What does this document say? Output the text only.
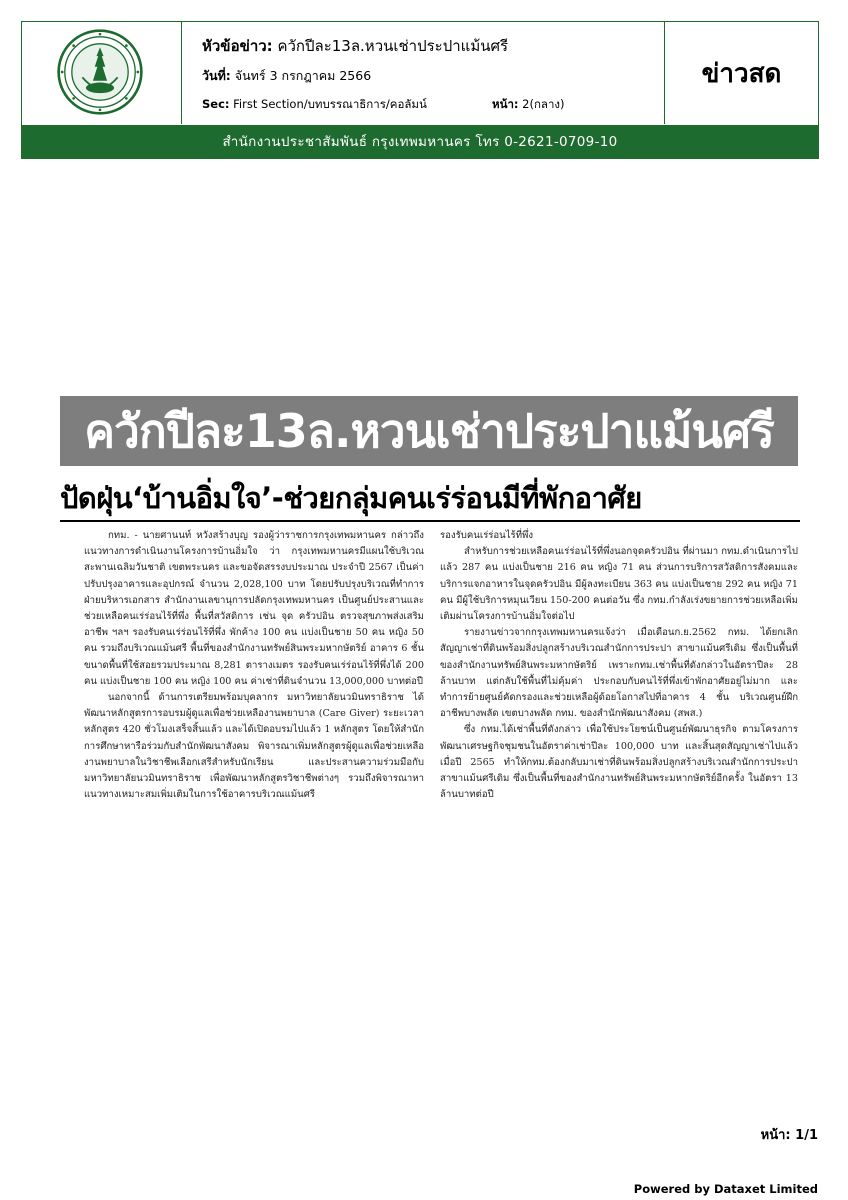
หัวข้อข่าว: ควักปีละ13ล.หวนเช่าประปาแม้นศรี
วันที่: จันทร์ 3 กรกฎาคม 2566
Sec: First Section/บทบรรณาธิการ/คอลัมน์	หน้า: 2(กลาง)
ข่าวสด
สำนักงานประชาสัมพันธ์ กรุงเทพมหานคร โทร 0-2621-0709-10
ควักปีละ13ล.หวนเช่าประปาแม้นศรี
ปัดฝุ่น‘บ้านอิ่มใจ’-ช่วยกลุ่มคนเร่ร่อนมีที่พักอาศัย

กทม. - นายศานนท์ หวังสร้างบุญ รองผู้ว่าราชการกรุงเทพมหานคร กล่าวถึงแนวทางการดำเนินงานโครงการบ้านอิ่มใจ ว่า กรุงเทพมหานครมีแผนใช้บริเวณสะพานเฉลิมวันชาติ เขตพระนคร และขอจัดสรรงบประมาณ ประจำปี 2567 เป็นค่าปรับปรุงอาคารและอุปกรณ์ จำนวน 2,028,100 บาท โดยปรับปรุงบริเวณที่ทำการฝ่ายบริหารเอกสาร สำนักงานเลขานุการปลัดกรุงเทพมหานคร เป็นศูนย์ประสานและช่วยเหลือคนเร่ร่อนไร้ที่พึ่ง พื้นที่สวัสดิการ เช่น จุด ครัวปอิน ตรวจสุขภาพส่งเสริมอาชีพ ฯลฯ รองรับคนเร่ร่อนไร้ที่พึ่ง พักค้าง 100 คน แบ่งเป็นชาย 50 คน หญิง 50 คน รวมถึงบริเวณแม้นศรี พื้นที่ของสำนักงานทรัพย์สินพระมหากษัตริย์ อาคาร 6 ชั้น ขนาดพื้นที่ใช้สอยรวมประมาณ 8,281 ตารางเมตร รองรับคนเร่ร่อนไร้ที่พึ่งได้ 200 คน แบ่งเป็นชาย 100 คน หญิง 100 คน ค่าเช่าที่ดินจำนวน 13,000,000 บาทต่อปี

นอกจากนี้ ด้านการเตรียมพร้อมบุคลากร มหาวิทยาลัยนวมินทราธิราช ได้พัฒนาหลักสูตรการอบรมผู้ดูแลเพื่อช่วยเหลืองานพยาบาล (Care Giver) ระยะเวลาหลักสูตร 420 ชั่วโมงเสร็จสิ้นแล้ว และได้เปิดอบรมไปแล้ว 1 หลักสูตร โดยให้สำนักการศึกษาหารือร่วมกับสำนักพัฒนาสังคม พิจารณาเพิ่มหลักสูตรผู้ดูแลเพื่อช่วยเหลืองานพยาบาลในวิชาชีพเลือกเสรีสำหรับนักเรียน และประสานความร่วมมือกับมหาวิทยาลัยนวมินทราธิราช เพื่อพัฒนาหลักสูตรวิชาชีพต่างๆ รวมถึงพิจารณาหาแนวทางเหมาะสมเพิ่มเติมในการใช้อาคารบริเวณแม้นศรี

รองรับคนเร่ร่อนไร้ที่พึ่ง

สำหรับการช่วยเหลือคนเร่ร่อนไร้ที่พึ่งนอกจุดครัวปอิน ที่ผ่านมา กทม.ดำเนินการไปแล้ว 287 คน แบ่งเป็นชาย 216 คน หญิง 71 คน ส่วนการบริการสวัสดิการสังคมและบริการแจกอาหารในจุดครัวปอิน มีผู้ลงทะเบียน 363 คน แบ่งเป็นชาย 292 คน หญิง 71 คน มีผู้ใช้บริการหมุนเวียน 150-200 คนต่อวัน ซึ่ง กทม.กำลังเร่งขยายการช่วยเหลือเพิ่มเติมผ่านโครงการบ้านอิ่มใจต่อไป

รายงานข่าวจากกรุงเทพมหานครแจ้งว่า เมื่อเดือนก.ย.2562 กทม. ได้ยกเลิกสัญญาเช่าที่ดินพร้อมสิ่งปลูกสร้างบริเวณสำนักการประปา สาขาแม้นศรีเดิม ซึ่งเป็นพื้นที่ของสำนักงานทรัพย์สินพระมหากษัตริย์ เพราะกทม.เช่าพื้นที่ดังกล่าวในอัตราปีละ 28 ล้านบาท แต่กลับใช้พื้นที่ไม่คุ้มค่า ประกอบกับคนไร้ที่พึ่งเข้าพักอาศัยอยู่ไม่มาก และทำการย้ายศูนย์คัดกรองและช่วยเหลือผู้ด้อยโอกาสไปที่อาคาร 4 ชั้น บริเวณศูนย์ฝึกอาชีพบางพลัด เขตบางพลัด กทม. ของสำนักพัฒนาสังคม (สพส.)

ซึ่ง กทม.ได้เช่าพื้นที่ดังกล่าว เพื่อใช้ประโยชน์เป็นศูนย์พัฒนาธุรกิจ ตามโครงการพัฒนาเศรษฐกิจชุมชนในอัตราค่าเช่าปีละ 100,000 บาท และสิ้นสุดสัญญาเช่าไปแล้วเมื่อปี 2565 ทำให้กทม.ต้องกลับมาเช่าที่ดินพร้อมสิ่งปลูกสร้างบริเวณสำนักการประปา สาขาแม้นศรีเดิม ซึ่งเป็นพื้นที่ของสำนักงานทรัพย์สินพระมหากษัตริย์อีกครั้ง ในอัตรา 13 ล้านบาทต่อปี

หน้า: 1/1
Powered by Dataxet Limited
